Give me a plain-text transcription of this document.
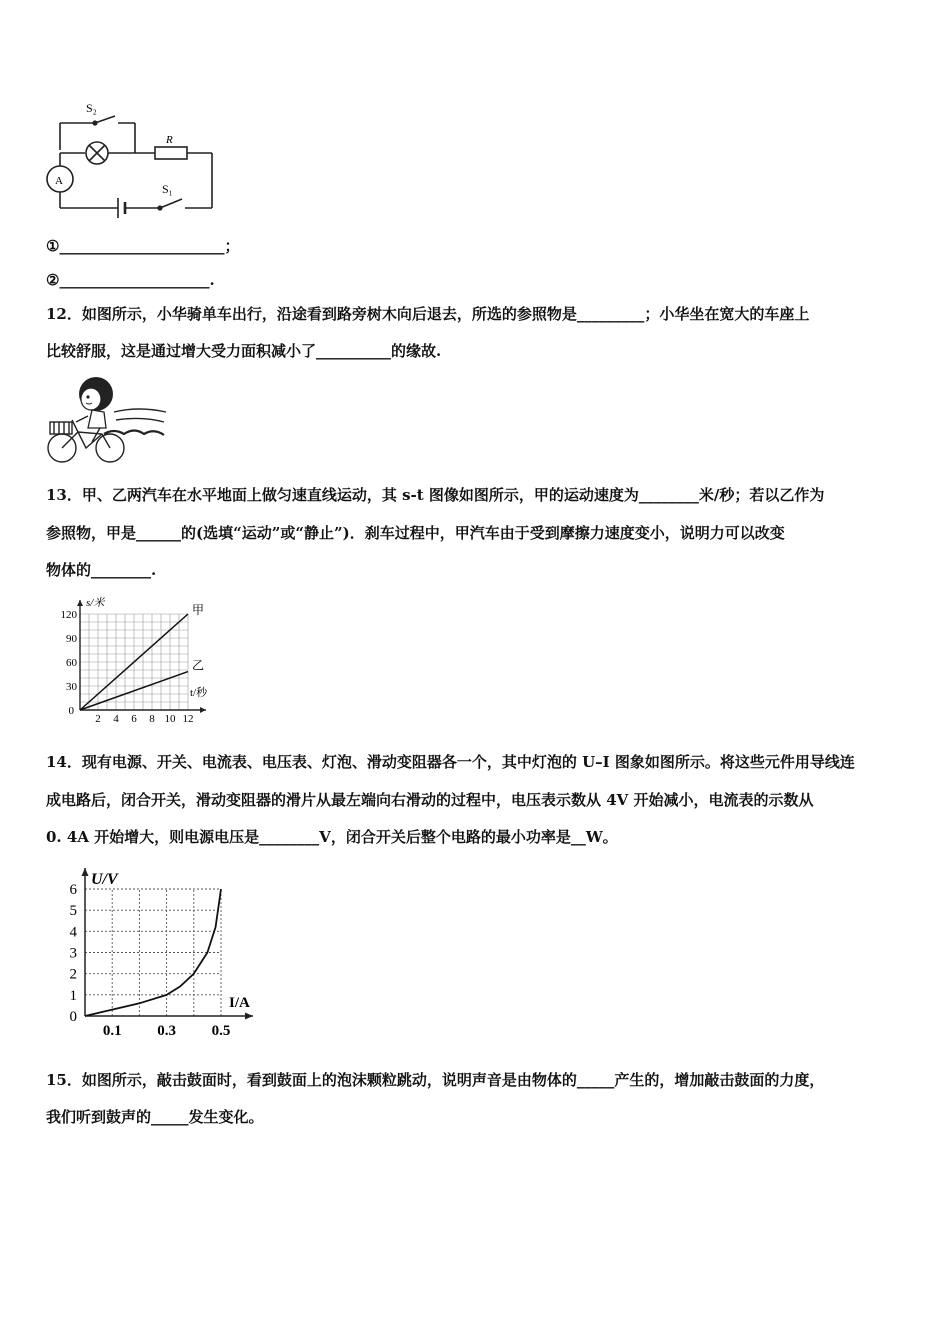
S₂
R
A
S₁
①______________________；
②____________________.
12．如图所示，小华骑单车出行，沿途看到路旁树木向后退去，所选的参照物是_________；小华坐在宽大的车座上
比较舒服，这是通过增大受力面积减小了__________的缘故.
13．甲、乙两汽车在水平地面上做匀速直线运动，其 s-t 图像如图所示，甲的运动速度为________米/秒；若以乙作为
参照物，甲是______的(选填“运动”或“静止”)．刹车过程中，甲汽车由于受到摩擦力速度变小，说明力可以改变
物体的________.
2 4 6 8 10 12
0
30
60
90
120
s/米
t/秒
甲
乙
14．现有电源、开关、电流表、电压表、灯泡、滑动变阻器各一个，其中灯泡的 U–I 图象如图所示。将这些元件用导线连
成电路后，闭合开关，滑动变阻器的滑片从最左端向右滑动的过程中，电压表示数从 4V 开始减小，电流表的示数从
0. 4A 开始增大，则电源电压是________V，闭合开关后整个电路的最小功率是__W。
0
1
2
3
4
5
6
0.1 0.3 0.5
U/V
I/A
15．如图所示，敲击鼓面时，看到鼓面上的泡沫颗粒跳动，说明声音是由物体的_____产生的，增加敲击鼓面的力度，
我们听到鼓声的_____发生变化。
